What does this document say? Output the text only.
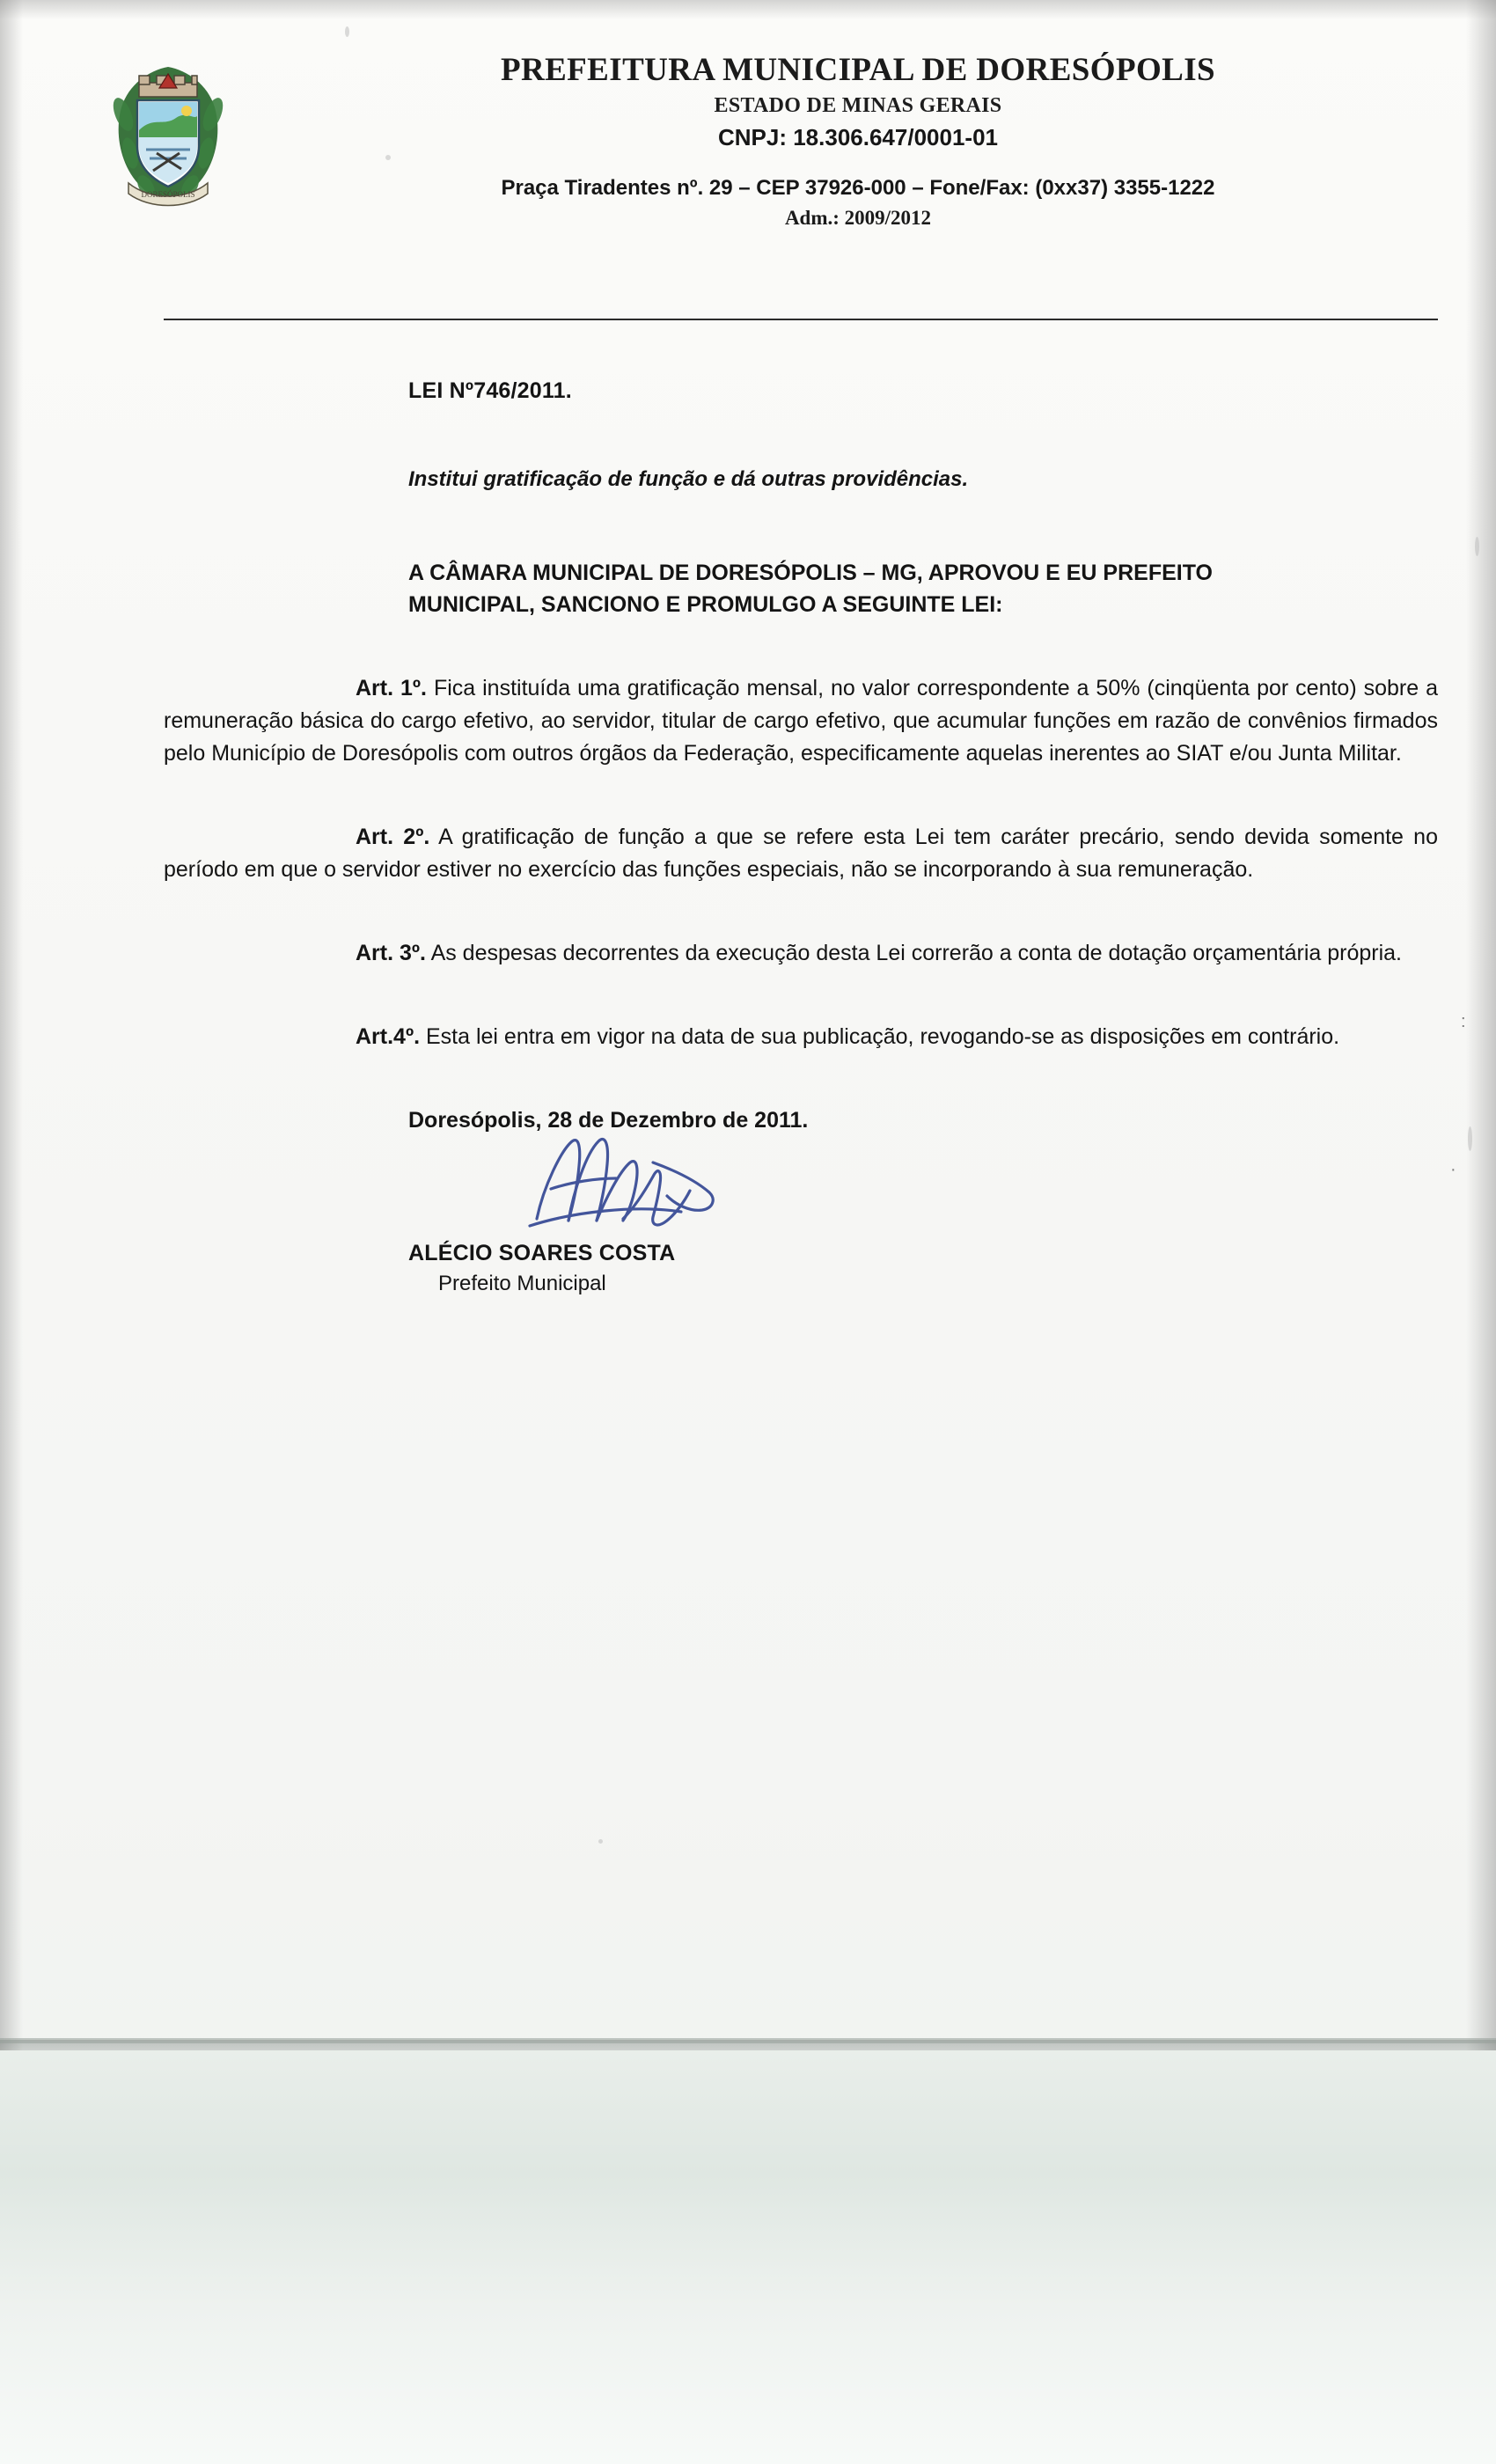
DORESÓPOLIS
PREFEITURA MUNICIPAL DE DORESÓPOLIS
ESTADO DE MINAS GERAIS
CNPJ: 18.306.647/0001-01
Praça Tiradentes nº. 29 – CEP 37926-000 – Fone/Fax: (0xx37) 3355-1222
Adm.: 2009/2012
LEI Nº746/2011.
Institui gratificação de função e dá outras providências.
A CÂMARA MUNICIPAL DE DORESÓPOLIS – MG, APROVOU E EU PREFEITO MUNICIPAL, SANCIONO E PROMULGO A SEGUINTE LEI:
Art. 1º. Fica instituída uma gratificação mensal, no valor correspondente a 50% (cinqüenta por cento) sobre a remuneração básica do cargo efetivo, ao servidor, titular de cargo efetivo, que acumular funções em razão de convênios firmados pelo Município de Doresópolis com outros órgãos da Federação, especificamente aquelas inerentes ao SIAT e/ou Junta Militar.
Art. 2º. A gratificação de função a que se refere esta Lei tem caráter precário, sendo devida somente no período em que o servidor estiver no exercício das funções especiais, não se incorporando à sua remuneração.
Art. 3º. As despesas decorrentes da execução desta Lei correrão a conta de dotação orçamentária própria.
Art.4º. Esta lei entra em vigor na data de sua publicação, revogando-se as disposições em contrário.
Doresópolis, 28 de Dezembro de 2011.
ALÉCIO SOARES COSTA
Prefeito Municipal
:
·
